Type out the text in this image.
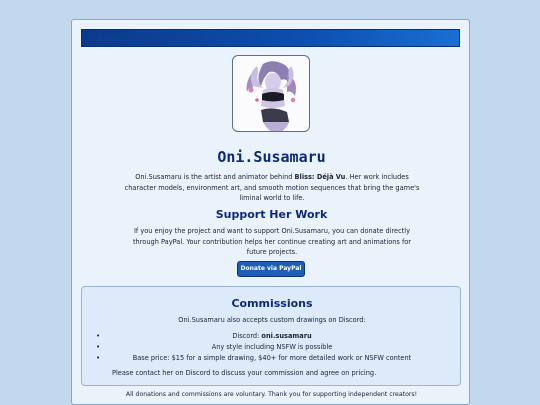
Support Oni.Susamaru
Oni.Susamaru
Oni.Susamaru is the artist and animator behind Bliss: Déjà Vu. Her work includes character models, environment art, and smooth motion sequences that bring the game's liminal world to life.
Support Her Work
If you enjoy the project and want to support Oni.Susamaru, you can donate directly through PayPal. Your contribution helps her continue creating art and animations for future projects.
Donate via PayPal
Commissions
Oni.Susamaru also accepts custom drawings on Discord:
•	Discord: oni.susamaru
•	Any style including NSFW is possible
•	Base price: $15 for a simple drawing, $40+ for more detailed work or NSFW content
Please contact her on Discord to discuss your commission and agree on pricing.
All donations and commissions are voluntary. Thank you for supporting independent creators!
